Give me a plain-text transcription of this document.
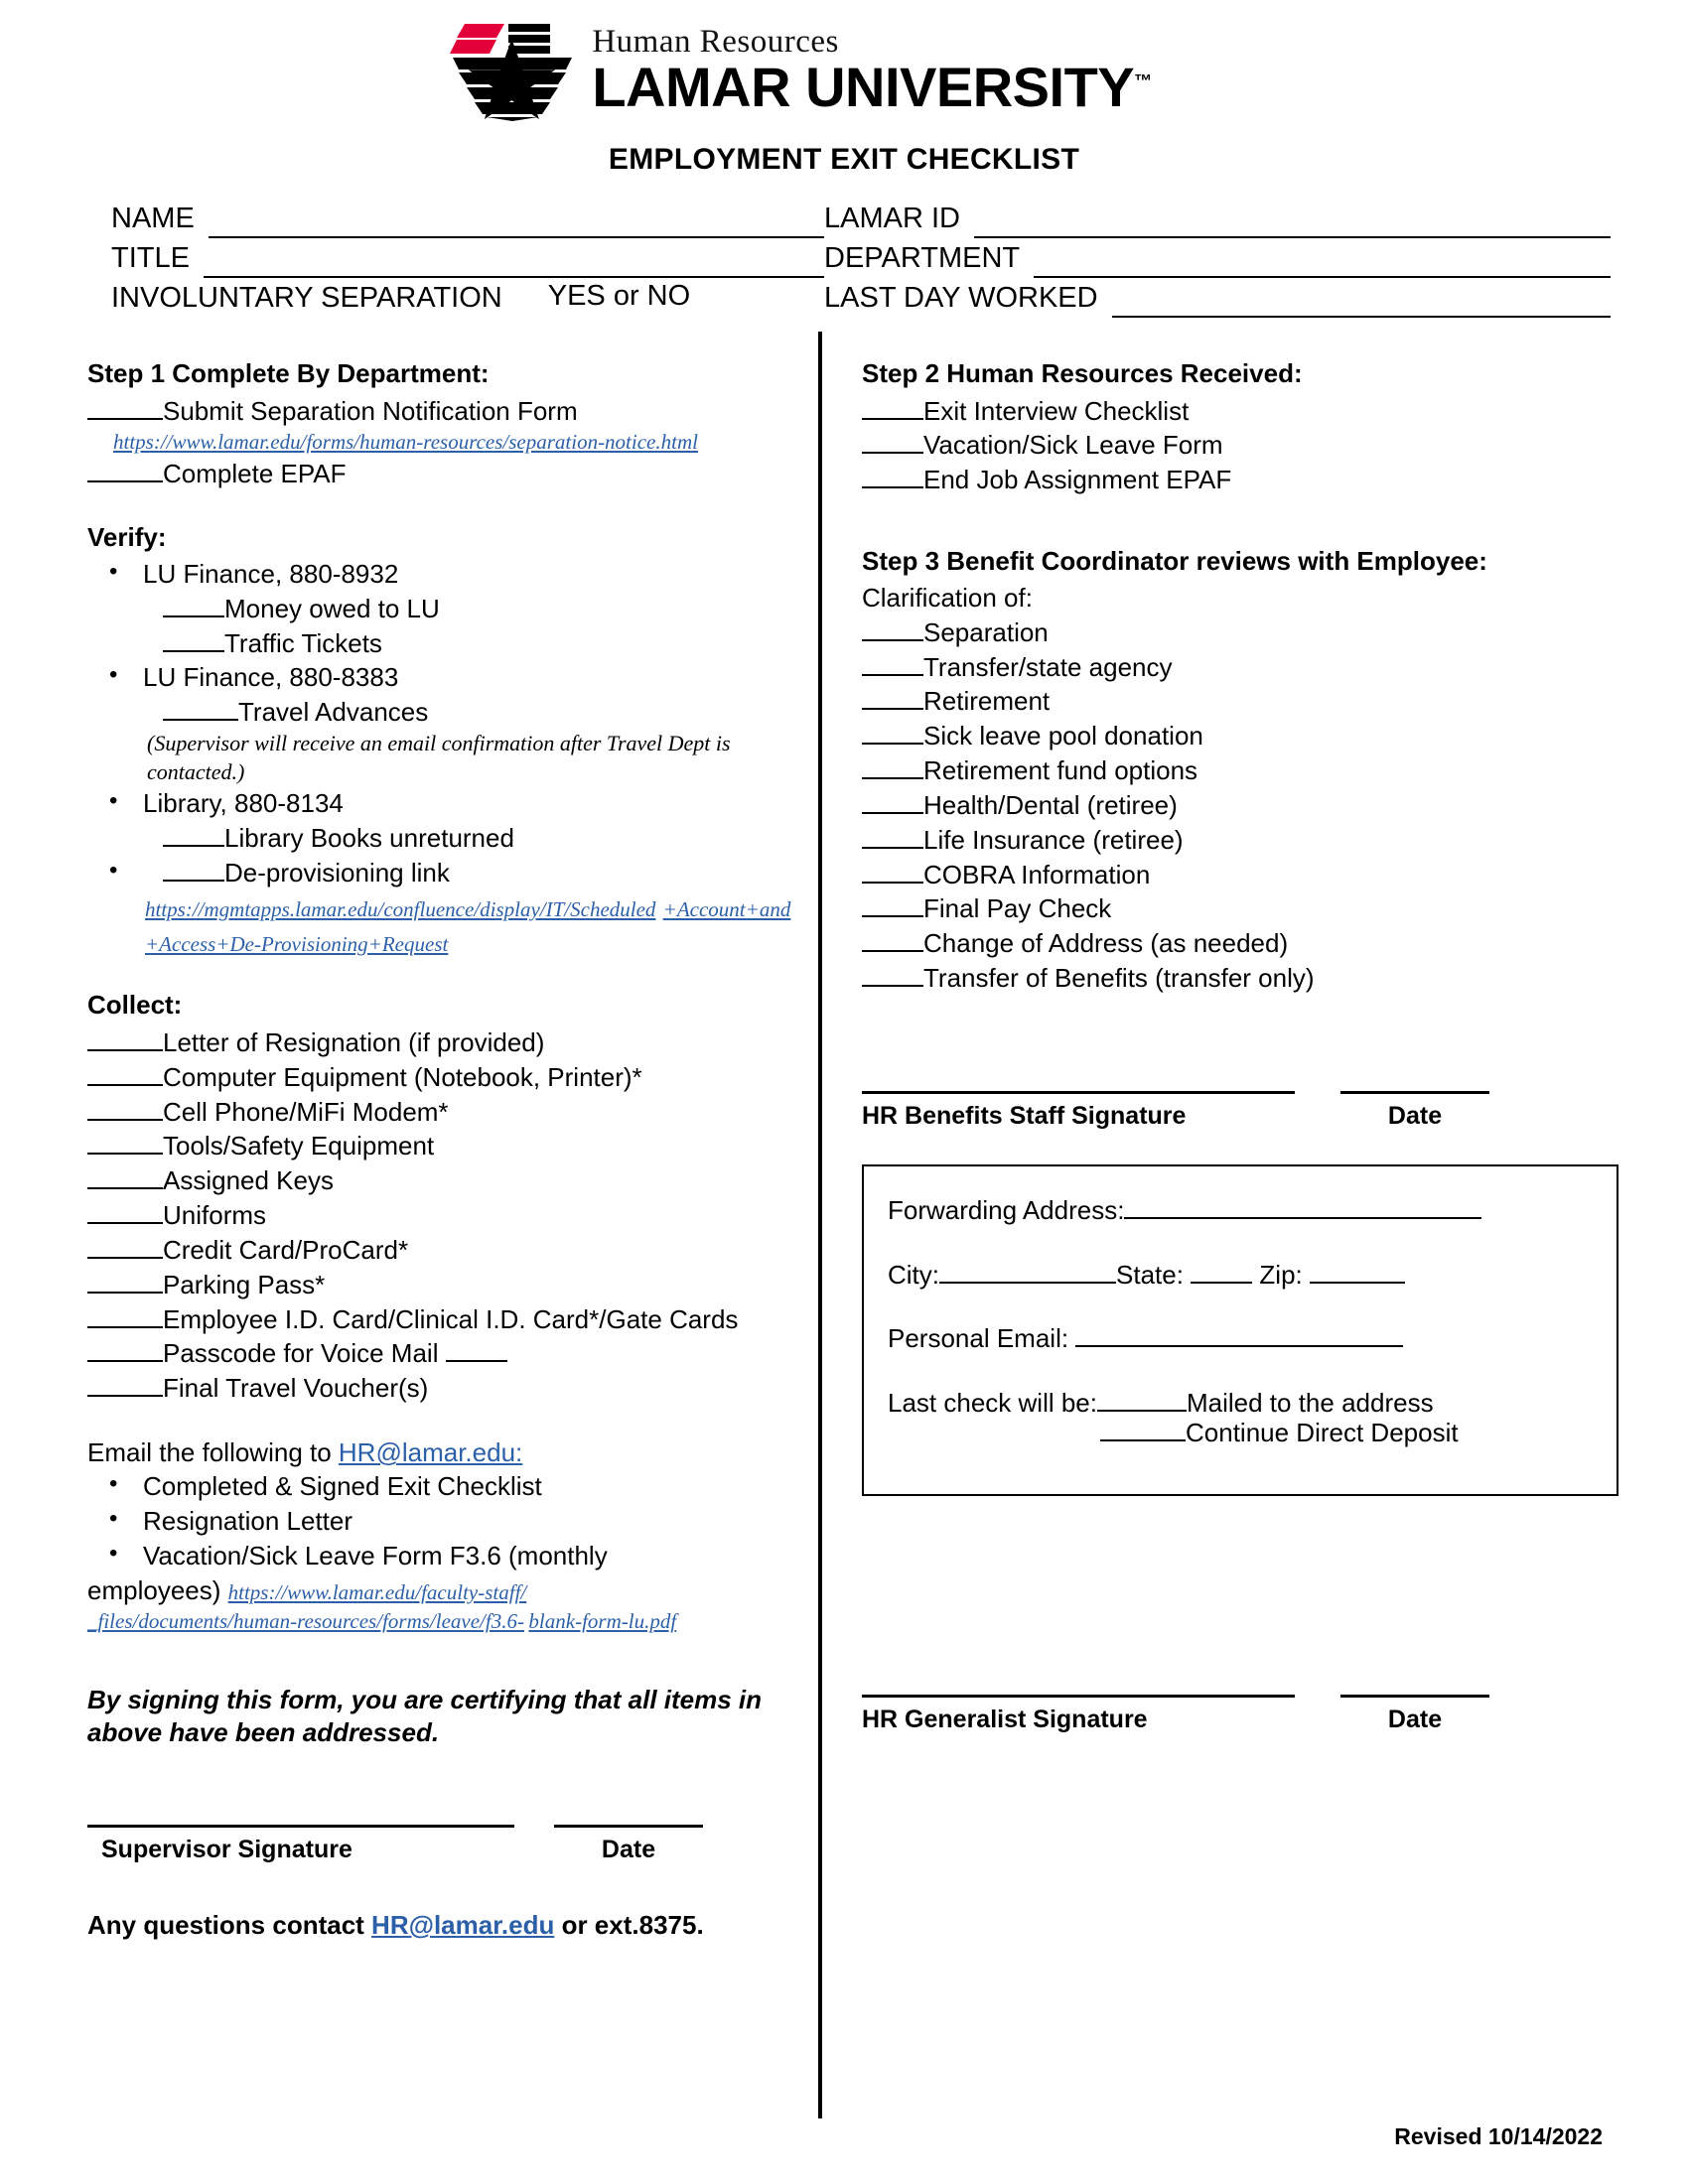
Human Resources
LAMAR UNIVERSITY™
EMPLOYMENT EXIT CHECKLIST
NAME	LAMAR ID
TITLE	DEPARTMENT
INVOLUNTARY SEPARATION	YES or NO	LAST DAY WORKED
Step 1 Complete By Department:
Submit Separation Notification Form
https://www.lamar.edu/forms/human-resources/separation-notice.html
Complete EPAF
Verify:
• LU Finance, 880-8932
Money owed to LU
Traffic Tickets
• LU Finance, 880-8383
Travel Advances
(Supervisor will receive an email confirmation after Travel Dept is contacted.)
• Library, 880-8134
Library Books unreturned
• De-provisioning link
https://mgmtapps.lamar.edu/confluence/display/IT/Scheduled +Account+and+Access+De-Provisioning+Request
Collect:
Letter of Resignation (if provided)
Computer Equipment (Notebook, Printer)*
Cell Phone/MiFi Modem*
Tools/Safety Equipment
Assigned Keys
Uniforms
Credit Card/ProCard*
Parking Pass*
Employee I.D. Card/Clinical I.D. Card*/Gate Cards
Passcode for Voice Mail
Final Travel Voucher(s)
Email the following to HR@lamar.edu:
• Completed & Signed Exit Checklist
• Resignation Letter
• Vacation/Sick Leave Form F3.6 (monthly
employees) https://www.lamar.edu/faculty-staff/
_files/documents/human-resources/forms/leave/f3.6- blank-form-lu.pdf
By signing this form, you are certifying that all items in above have been addressed.
Supervisor Signature	Date
Any questions contact HR@lamar.edu or ext.8375.
Step 2 Human Resources Received:
Exit Interview Checklist
Vacation/Sick Leave Form
End Job Assignment EPAF
Step 3 Benefit Coordinator reviews with Employee:
Clarification of:
Separation
Transfer/state agency
Retirement
Sick leave pool donation
Retirement fund options
Health/Dental (retiree)
Life Insurance (retiree)
COBRA Information
Final Pay Check
Change of Address (as needed)
Transfer of Benefits (transfer only)
HR Benefits Staff Signature	Date
Forwarding Address:
City:	State:	Zip:
Personal Email:
Last check will be:	Mailed to the address
Continue Direct Deposit
HR Generalist Signature	Date
Revised 10/14/2022
